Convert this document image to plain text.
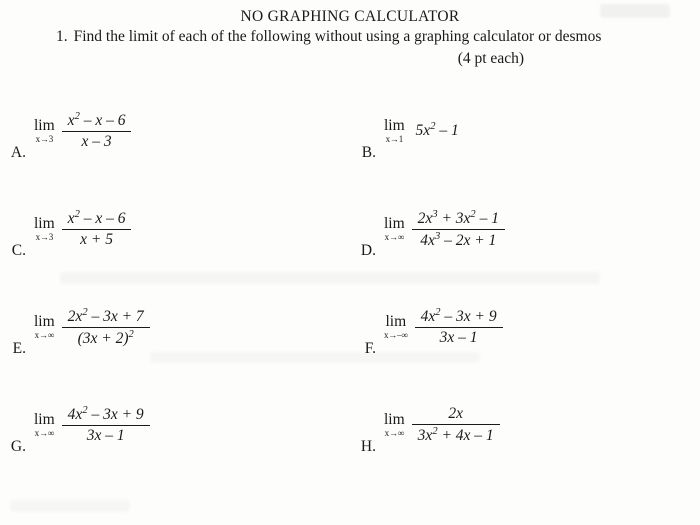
NO GRAPHING CALCULATOR
1. Find the limit of each of the following without using a graphing calculator or desmos
(4 pt each)
A.
lim
$x\to 3 \frac{x^2 - x - 6}{x - 3}$
B.
lim
x→1 $5x^2 - 1$
C.
lim
$x\to 3 \frac{x^2 - x - 6}{x + 5}$
D.
lim
$x\to\infty \frac{2x^3 + 3x^2 - 1}{4x^3 - 2x + 1}$
E.
lim
$x\to\infty \frac{2x^2 - 3x + 7}{(3x + 2)^2}$
F.
lim
$x\to-\infty \frac{4x^2 - 3x + 9}{3x - 1}$
G.
lim
$x\to\infty \frac{4x^2 - 3x + 9}{3x - 1}$
H.
lim
$x\to\infty \frac{2x}{3x^2 + 4x - 1}$
